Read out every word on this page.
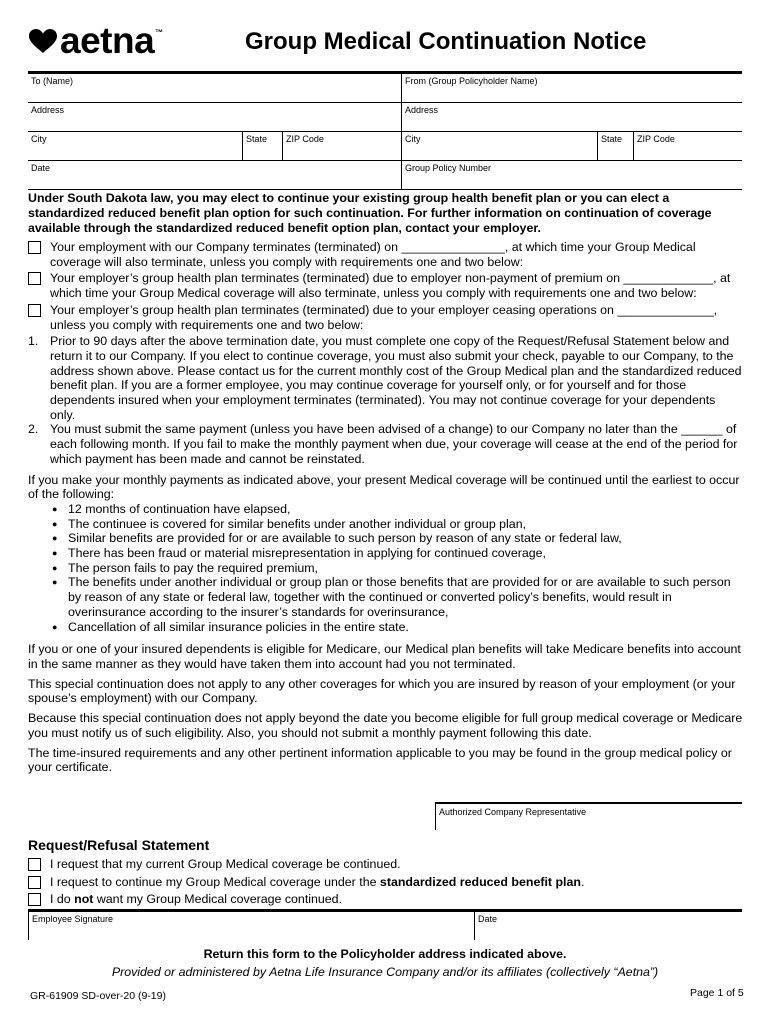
aetna ™	Group Medical Continuation Notice
To (Name)	From (Group Policyholder Name)
Address	Address
City	State	ZIP Code	City	State	ZIP Code
Date	Group Policy Number
Under South Dakota law, you may elect to continue your existing group health benefit plan or you can elect a standardized reduced benefit plan option for such continuation. For further information on continuation of coverage available through the standardized reduced benefit option plan, contact your employer.
Your employment with our Company terminates (terminated) on _______________, at which time your Group Medical coverage will also terminate, unless you comply with requirements one and two below:
Your employer’s group health plan terminates (terminated) due to employer non-payment of premium on _____________, at which time your Group Medical coverage will also terminate, unless you comply with requirements one and two below:
Your employer’s group health plan terminates (terminated) due to your employer ceasing operations on ______________, unless you comply with requirements one and two below:
1. Prior to 90 days after the above termination date, you must complete one copy of the Request/Refusal Statement below and return it to our Company. If you elect to continue coverage, you must also submit your check, payable to our Company, to the address shown above. Please contact us for the current monthly cost of the Group Medical plan and the standardized reduced benefit plan. If you are a former employee, you may continue coverage for yourself only, or for yourself and for those dependents insured when your employment terminates (terminated). You may not continue coverage for your dependents only.
2. You must submit the same payment (unless you have been advised of a change) to our Company no later than the ______ of each following month. If you fail to make the monthly payment when due, your coverage will cease at the end of the period for which payment has been made and cannot be reinstated.
If you make your monthly payments as indicated above, your present Medical coverage will be continued until the earliest to occur of the following:
● 12 months of continuation have elapsed,
● The continuee is covered for similar benefits under another individual or group plan,
● Similar benefits are provided for or are available to such person by reason of any state or federal law,
● There has been fraud or material misrepresentation in applying for continued coverage,
● The person fails to pay the required premium,
● The benefits under another individual or group plan or those benefits that are provided for or are available to such person by reason of any state or federal law, together with the continued or converted policy’s benefits, would result in overinsurance according to the insurer’s standards for overinsurance,
● Cancellation of all similar insurance policies in the entire state.
If you or one of your insured dependents is eligible for Medicare, our Medical plan benefits will take Medicare benefits into account in the same manner as they would have taken them into account had you not terminated.
This special continuation does not apply to any other coverages for which you are insured by reason of your employment (or your spouse’s employment) with our Company.
Because this special continuation does not apply beyond the date you become eligible for full group medical coverage or Medicare you must notify us of such eligibility. Also, you should not submit a monthly payment following this date.
The time-insured requirements and any other pertinent information applicable to you may be found in the group medical policy or your certificate.
Authorized Company Representative
Request/Refusal Statement
I request that my current Group Medical coverage be continued.
I request to continue my Group Medical coverage under the standardized reduced benefit plan.
I do not want my Group Medical coverage continued.
Employee Signature	Date
Return this form to the Policyholder address indicated above.
Provided or administered by Aetna Life Insurance Company and/or its affiliates (collectively “Aetna”)
GR-61909 SD-over-20 (9-19)	Page 1 of 5
